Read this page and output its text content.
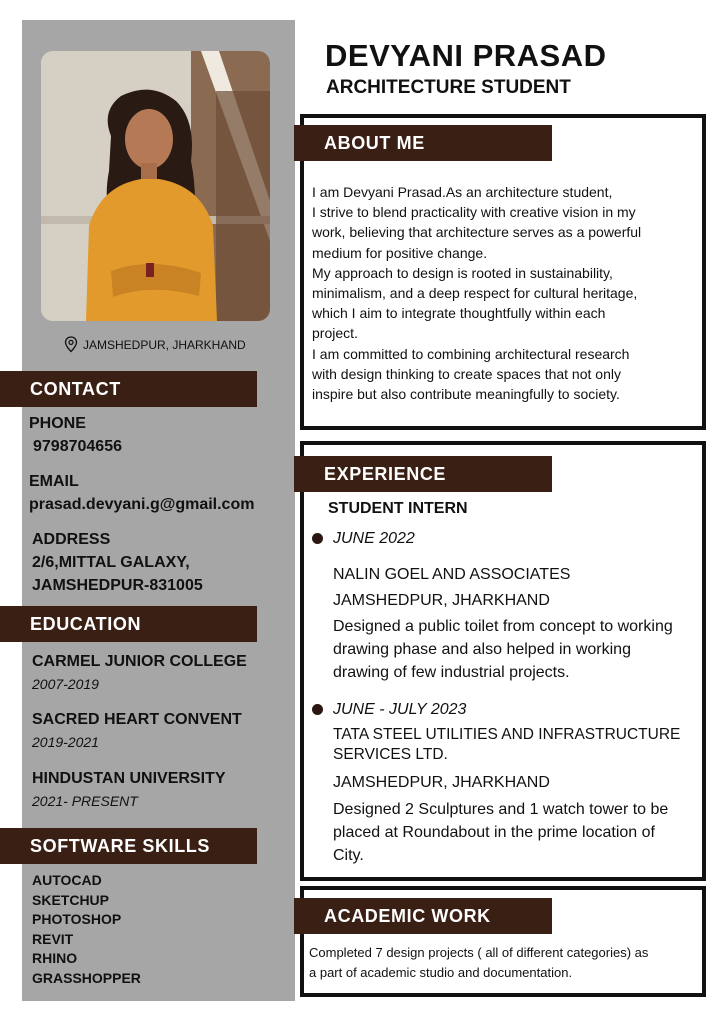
JAMSHEDPUR, JHARKHAND
CONTACT
PHONE
9798704656
EMAIL
prasad.devyani.g@gmail.com
ADDRESS
2/6,MITTAL GALAXY,
JAMSHEDPUR-831005
EDUCATION
CARMEL JUNIOR COLLEGE
2007-2019
SACRED HEART CONVENT
2019-2021
HINDUSTAN UNIVERSITY
2021- PRESENT
SOFTWARE SKILLS
AUTOCAD
SKETCHUP
PHOTOSHOP
REVIT
RHINO
GRASSHOPPER
DEVYANI PRASAD
ARCHITECTURE STUDENT
ABOUT ME
I am Devyani Prasad.As an architecture student,
I strive to blend practicality with creative vision in my
work, believing that architecture serves as a powerful
medium for positive change.
My approach to design is rooted in sustainability,
minimalism, and a deep respect for cultural heritage,
which I aim to integrate thoughtfully within each
project.
I am committed to combining architectural research
with design thinking to create spaces that not only
inspire but also contribute meaningfully to society.
EXPERIENCE
STUDENT INTERN
JUNE 2022
NALIN GOEL AND ASSOCIATES
JAMSHEDPUR, JHARKHAND
Designed a public toilet from concept to working
drawing phase and also helped in working
drawing of few industrial projects.
JUNE - JULY 2023
TATA STEEL UTILITIES AND INFRASTRUCTURE
SERVICES LTD.
JAMSHEDPUR, JHARKHAND
Designed 2 Sculptures and 1 watch tower to be
placed at Roundabout in the prime location of
City.
ACADEMIC WORK
Completed 7 design projects ( all of different categories) as
a part of academic studio and documentation.
